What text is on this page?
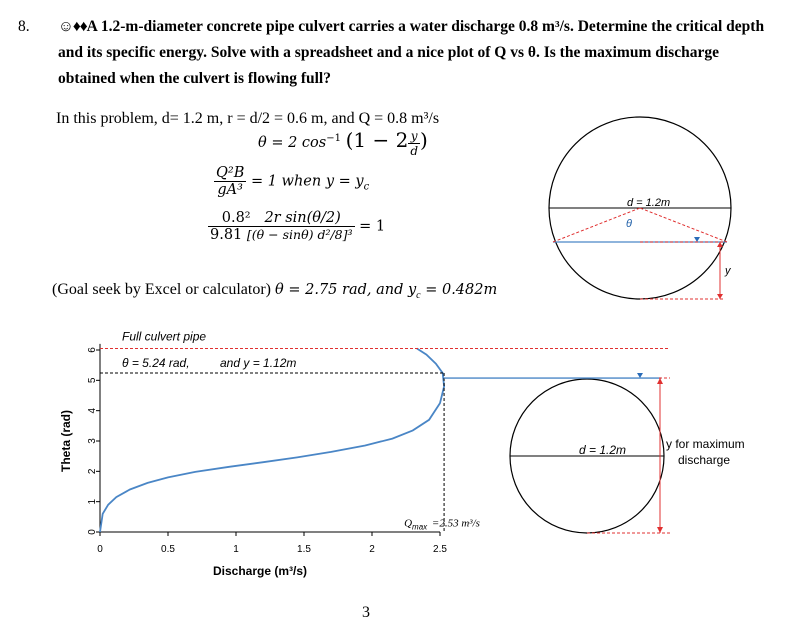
8. ☺♦♦A 1.2-m-diameter concrete pipe culvert carries a water discharge 0.8 m³/s. Determine the critical depth and its specific energy. Solve with a spreadsheet and a nice plot of Q vs θ. Is the maximum discharge obtained when the culvert is flowing full?
In this problem, d= 1.2 m, r = d/2 = 0.6 m, and Q = 0.8 m³/s
θ = 2 $\cos^{-1} (1 - 2 \frac{y}{d}$ )
$\frac{\text{Q²B}}{\text{gA³}} = 1$ when $y = y_c$
$\frac{\text{0.8² 2r sin(θ/2)}}{\text{9.81 [(θ − sinθ) d²/8]³}} = 1$
(Goal seek by Excel or calculator) θ = 2.75 rad, and $y_c = 0.482m$
d = 1.2m
θ
y
0	0.5	1	1.5	2	2.5
0
1
2
3
4
5
6
Discharge (m³/s)
Theta (rad)
Full culvert pipe
θ = 5.24 rad,	and y = 1.12m
$Q_{max} =2.53$ m³/s
d = 1.2m	y for maximum
discharge
3
